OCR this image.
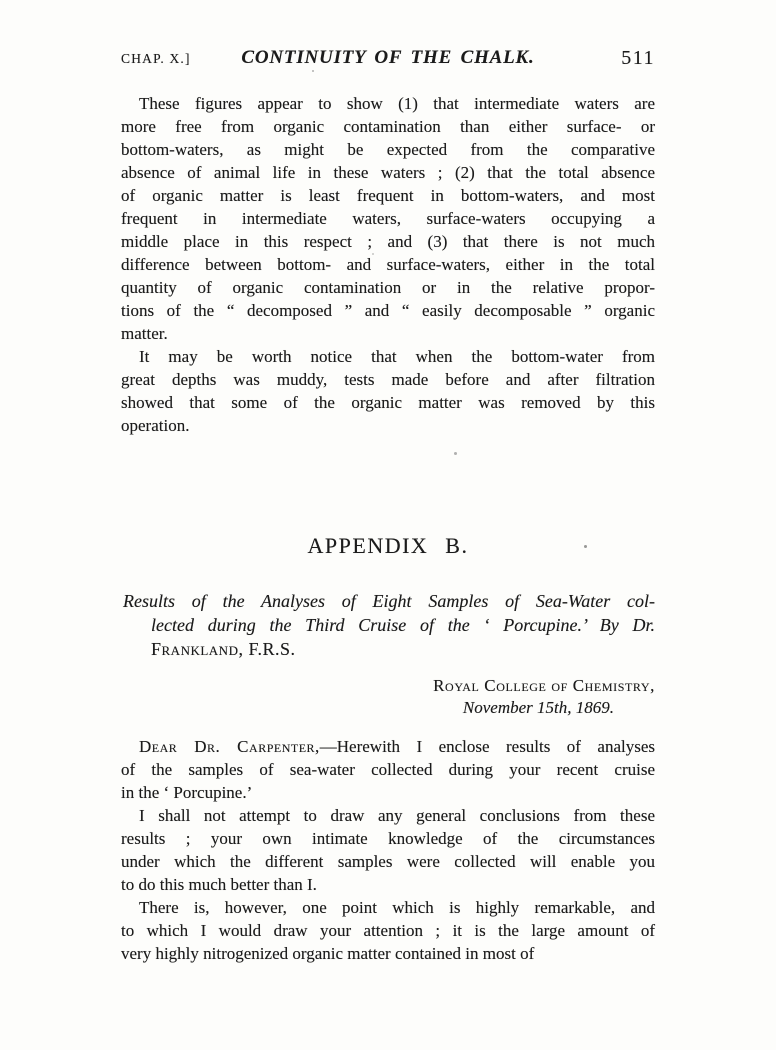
CHAP. X.]	CONTINUITY OF THE CHALK.	511
These figures appear to show (1) that intermediate waters are
more free from organic contamination than either surface- or
bottom-waters, as might be expected from the comparative
absence of animal life in these waters ; (2) that the total absence
of organic matter is least frequent in bottom-waters, and most
frequent in intermediate waters, surface-waters occupying a
middle place in this respect ; and (3) that there is not much
difference between bottom- and surface-waters, either in the total
quantity of organic contamination or in the relative propor-
tions of the “ decomposed ” and “ easily decomposable ” organic
matter.
It may be worth notice that when the bottom-water from
great depths was muddy, tests made before and after filtration
showed that some of the organic matter was removed by this
operation.
APPENDIX B.
Results of the Analyses of Eight Samples of Sea-Water col-
lected during the Third Cruise of the ‘ Porcupine.’ By Dr.
Frankland, F.R.S.
Royal College of Chemistry,
November 15th, 1869.
Dear Dr. Carpenter,—Herewith I enclose results of analyses
of the samples of sea-water collected during your recent cruise
in the ‘ Porcupine.’
I shall not attempt to draw any general conclusions from these
results ; your own intimate knowledge of the circumstances
under which the different samples were collected will enable you
to do this much better than I.
There is, however, one point which is highly remarkable, and
to which I would draw your attention ; it is the large amount of
very highly nitrogenized organic matter contained in most of
